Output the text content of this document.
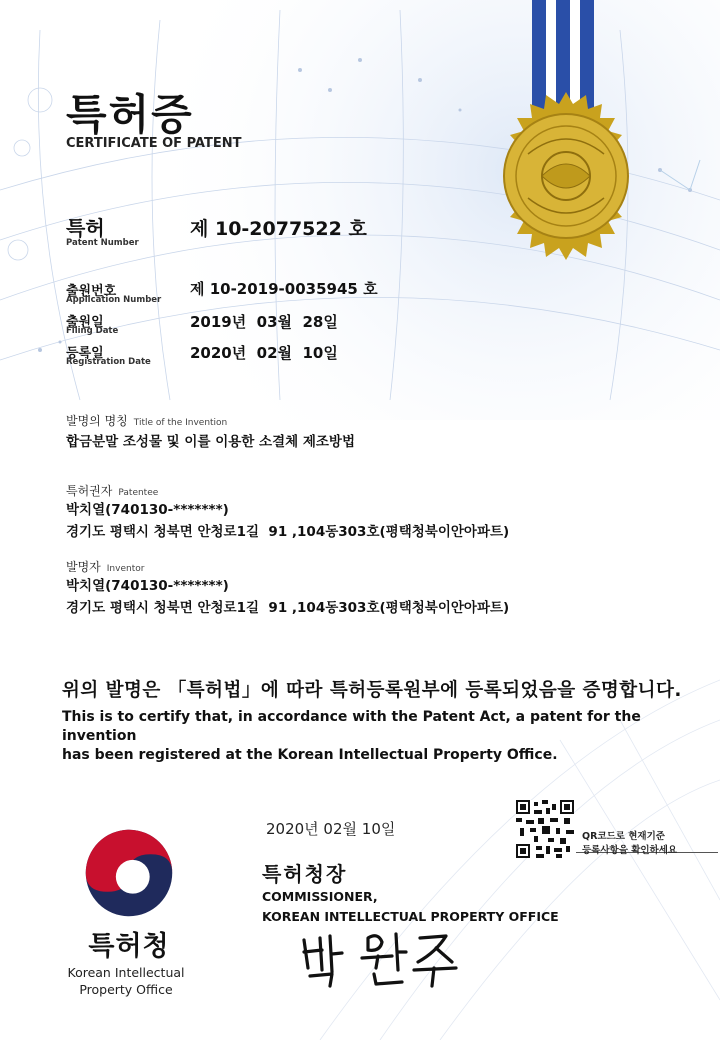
특허증
CERTIFICATE OF PATENT
특허
Patent Number
제 10-2077522 호
출원번호
Application Number
제 10-2019-0035945 호
출원일
Filing Date	2019년  03월  28일
등록일
Registration Date	2020년  02월  10일
발명의 명칭 Title of the Invention
합금분말 조성물 및 이를 이용한 소결체 제조방법
특허권자 Patentee
박치열(740130-*******)
경기도 평택시 청북면 안청로1길  91 ,104동303호(평택청북이안아파트)
발명자 Inventor
박치열(740130-*******)
경기도 평택시 청북면 안청로1길  91 ,104동303호(평택청북이안아파트)
위의 발명은 「특허법」에 따라 특허등록원부에 등록되었음을 증명합니다.
This is to certify that, in accordance with the Patent Act, a patent for the invention
has been registered at the Korean Intellectual Property Office.
2020년 02월 10일
특허청장
COMMISSIONER,
KOREAN INTELLECTUAL PROPERTY OFFICE
QR코드로 현재기준
등록사항을 확인하세요
특허청
Korean Intellectual
Property Office
